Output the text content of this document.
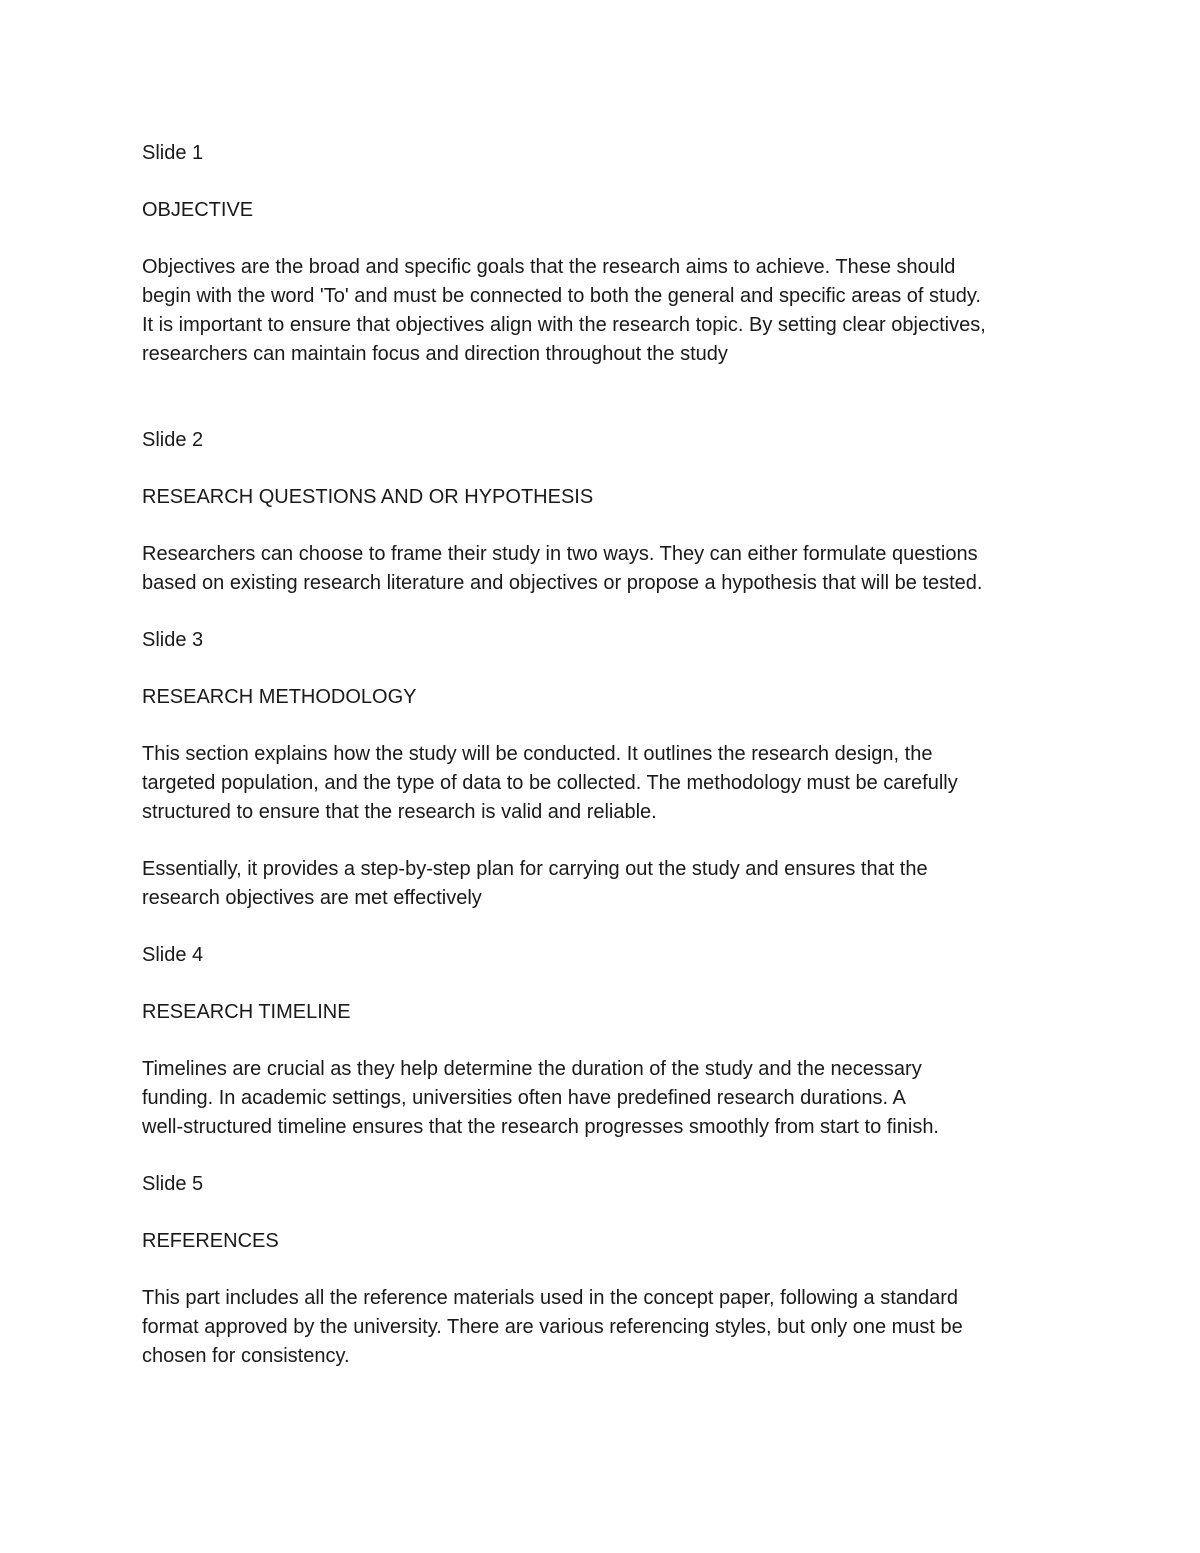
Slide 1

OBJECTIVE

Objectives are the broad and specific goals that the research aims to achieve. These should
begin with the word 'To' and must be connected to both the general and specific areas of study.
It is important to ensure that objectives align with the research topic. By setting clear objectives,
researchers can maintain focus and direction throughout the study

Slide 2

RESEARCH QUESTIONS AND OR HYPOTHESIS

Researchers can choose to frame their study in two ways. They can either formulate questions
based on existing research literature and objectives or propose a hypothesis that will be tested.

Slide 3

RESEARCH METHODOLOGY

This section explains how the study will be conducted. It outlines the research design, the
targeted population, and the type of data to be collected. The methodology must be carefully
structured to ensure that the research is valid and reliable.

Essentially, it provides a step-by-step plan for carrying out the study and ensures that the
research objectives are met effectively

Slide 4

RESEARCH TIMELINE

Timelines are crucial as they help determine the duration of the study and the necessary
funding. In academic settings, universities often have predefined research durations. A
well-structured timeline ensures that the research progresses smoothly from start to finish.

Slide 5

REFERENCES

This part includes all the reference materials used in the concept paper, following a standard
format approved by the university. There are various referencing styles, but only one must be
chosen for consistency.
